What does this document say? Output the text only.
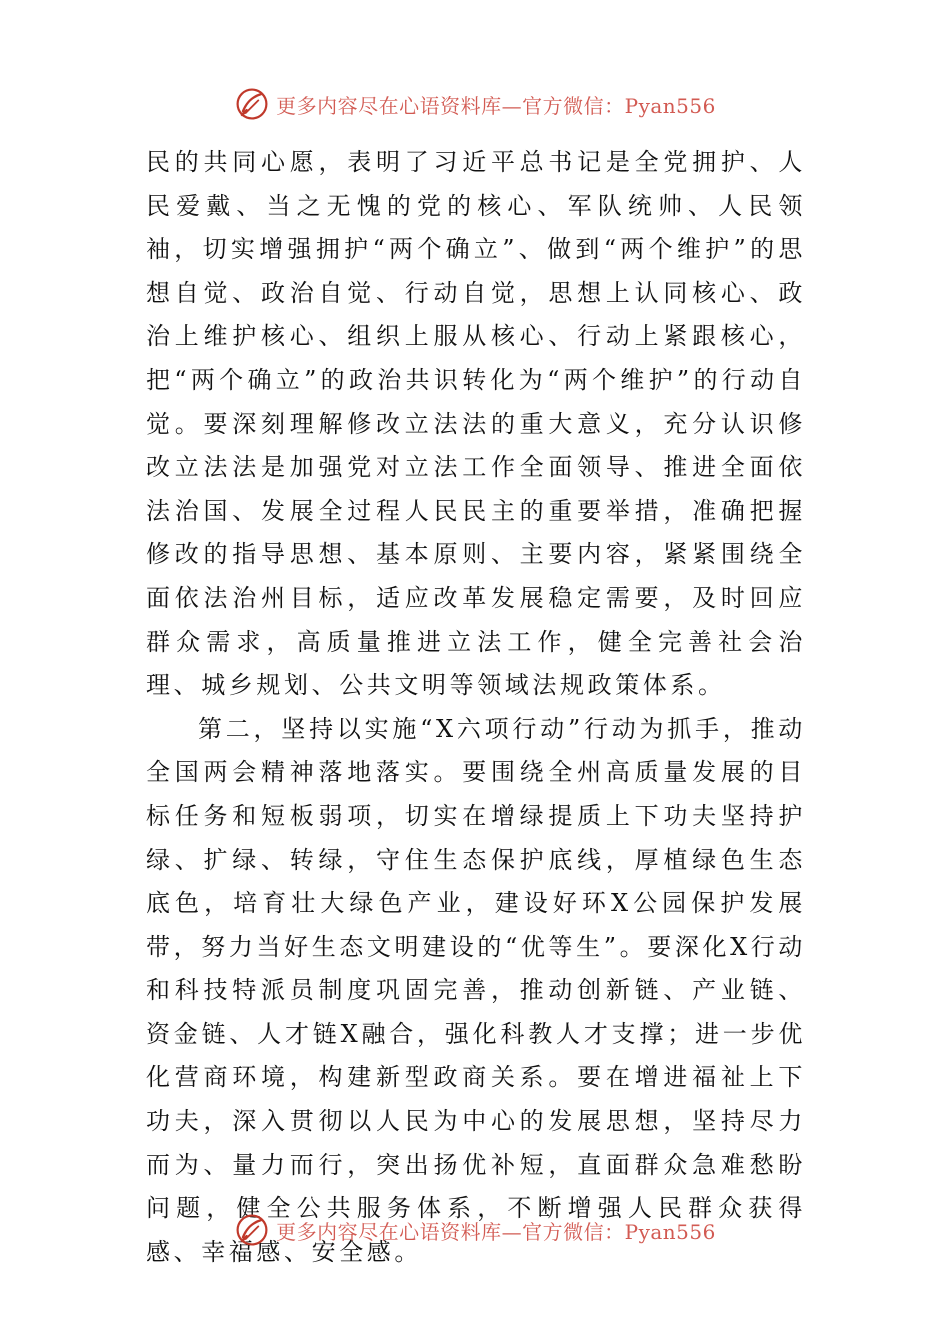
更多内容尽在心语资料库—官方微信：Pyan556

民的共同心愿，表明了习近平总书记是全党拥护、人民爱戴、当之无愧的党的核心、军队统帅、人民领袖，切实增强拥护“两个确立”、做到“两个维护”的思想自觉、政治自觉、行动自觉，思想上认同核心、政治上维护核心、组织上服从核心、行动上紧跟核心，把“两个确立”的政治共识转化为“两个维护”的行动自觉。要深刻理解修改立法法的重大意义，充分认识修改立法法是加强党对立法工作全面领导、推进全面依法治国、发展全过程人民民主的重要举措，准确把握修改的指导思想、基本原则、主要内容，紧紧围绕全面依法治州目标，适应改革发展稳定需要，及时回应群众需求，高质量推进立法工作，健全完善社会治理、城乡规划、公共文明等领域法规政策体系。

第二，坚持以实施“X六项行动”行动为抓手，推动全国两会精神落地落实。要围绕全州高质量发展的目标任务和短板弱项，切实在增绿提质上下功夫坚持护绿、扩绿、转绿，守住生态保护底线，厚植绿色生态底色，培育壮大绿色产业，建设好环X公园保护发展带，努力当好生态文明建设的“优等生”。要深化X行动和科技特派员制度巩固完善，推动创新链、产业链、资金链、人才链X融合，强化科教人才支撑；进一步优化营商环境，构建新型政商关系。要在增进福祉上下功夫，深入贯彻以人民为中心的发展思想，坚持尽力而为、量力而行，突出扬优补短，直面群众急难愁盼问题，健全公共服务体系，不断增强人民群众获得感、幸福感、安全感。

更多内容尽在心语资料库—官方微信：Pyan556
